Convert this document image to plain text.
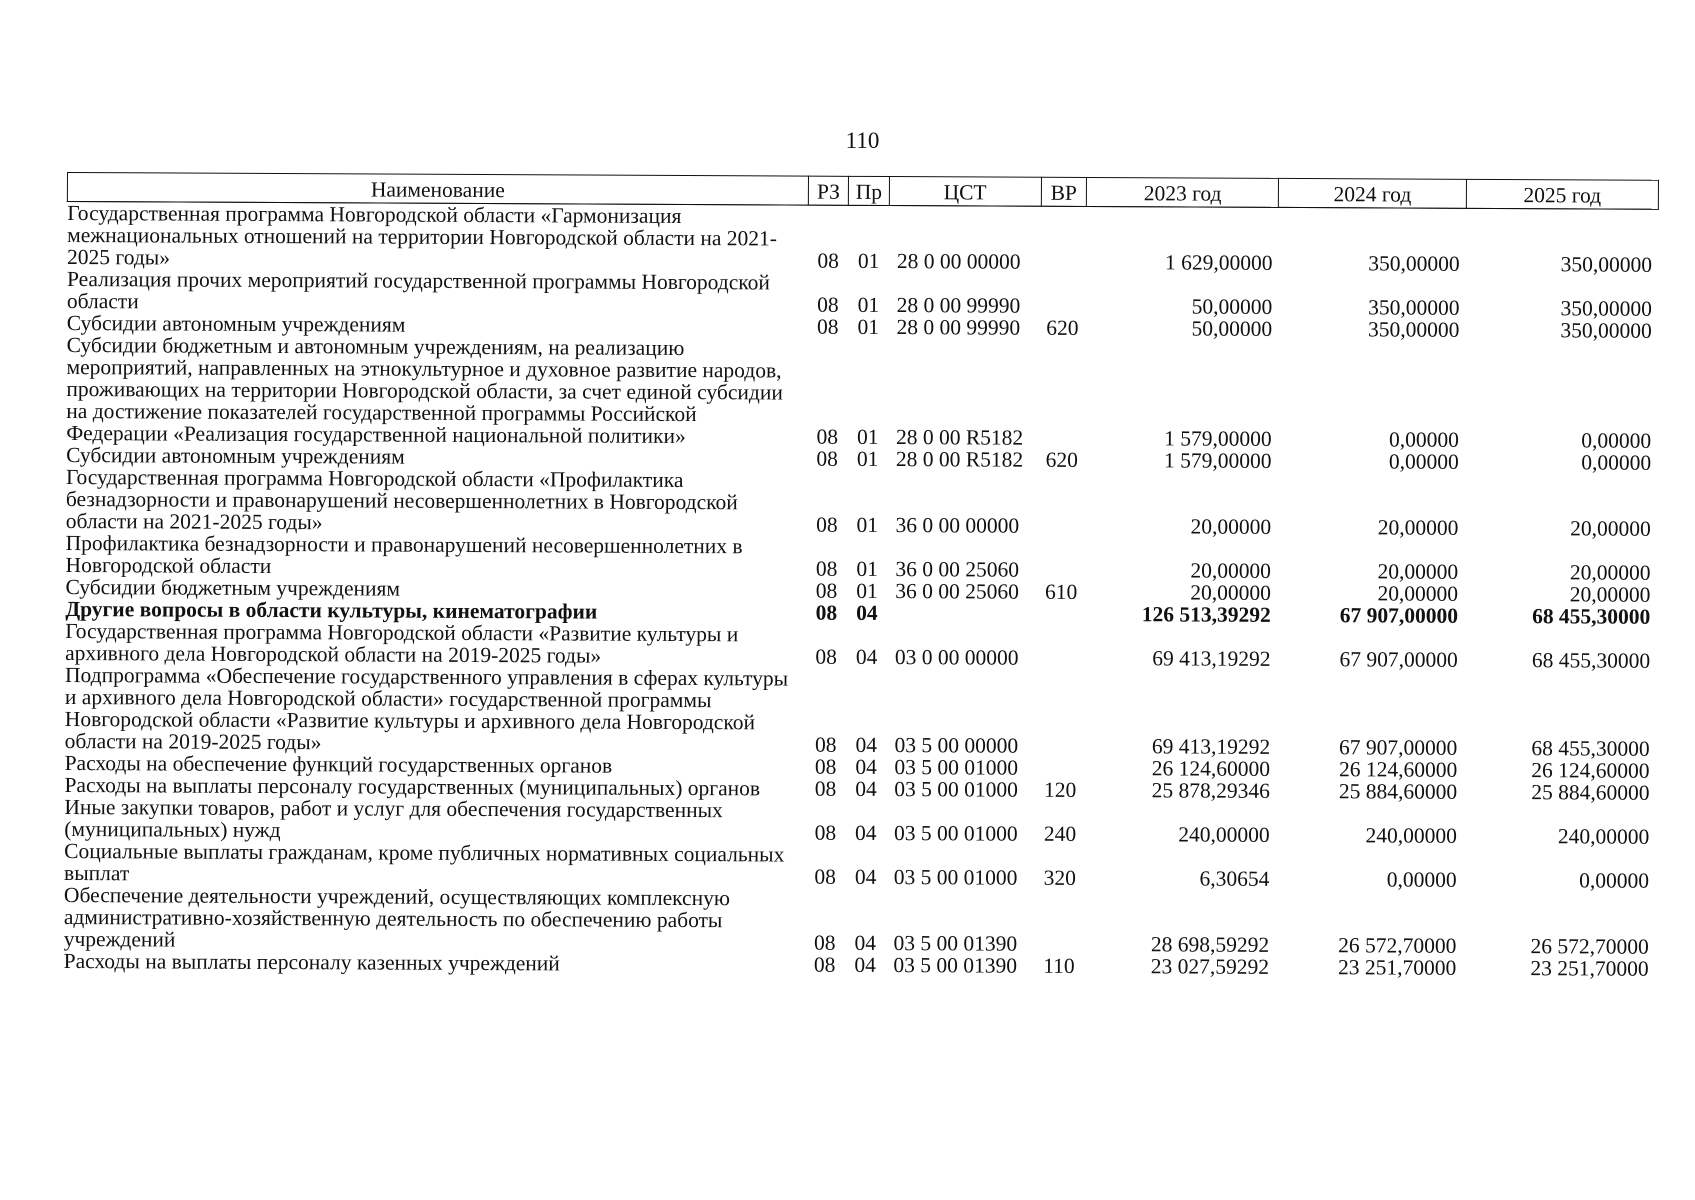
110
Наименование	РЗ	Пр	ЦСТ	ВР	2023 год	2024 год	2025 год
Государственная программа Новгородской области «Гармонизация межнациональных отношений на территории Новгородской области на 2021-2025 годы»	08	01	28 0 00 00000		1 629,00000	350,00000	350,00000
Реализация прочих мероприятий государственной программы Новгородской области	08	01	28 0 00 99990		50,00000	350,00000	350,00000
Субсидии автономным учреждениям	08	01	28 0 00 99990	620	50,00000	350,00000	350,00000
Субсидии бюджетным и автономным учреждениям, на реализацию мероприятий, направленных на этнокультурное и духовное развитие народов, проживающих на территории Новгородской области, за счет единой субсидии на достижение показателей государственной программы Российской Федерации «Реализация государственной национальной политики»	08	01	28 0 00 R5182		1 579,00000	0,00000	0,00000
Субсидии автономным учреждениям	08	01	28 0 00 R5182	620	1 579,00000	0,00000	0,00000
Государственная программа Новгородской области «Профилактика безнадзорности и правонарушений несовершеннолетних в Новгородской области на 2021-2025 годы»	08	01	36 0 00 00000		20,00000	20,00000	20,00000
Профилактика безнадзорности и правонарушений несовершеннолетних в Новгородской области	08	01	36 0 00 25060		20,00000	20,00000	20,00000
Субсидии бюджетным учреждениям	08	01	36 0 00 25060	610	20,00000	20,00000	20,00000
Другие вопросы в области культуры, кинематографии	08	04			126 513,39292	67 907,00000	68 455,30000
Государственная программа Новгородской области «Развитие культуры и архивного дела Новгородской области на 2019-2025 годы»	08	04	03 0 00 00000		69 413,19292	67 907,00000	68 455,30000
Подпрограмма «Обеспечение государственного управления в сферах культуры и архивного дела Новгородской области» государственной программы Новгородской области «Развитие культуры и архивного дела Новгородской области на 2019-2025 годы»	08	04	03 5 00 00000		69 413,19292	67 907,00000	68 455,30000
Расходы на обеспечение функций государственных органов	08	04	03 5 00 01000		26 124,60000	26 124,60000	26 124,60000
Расходы на выплаты персоналу государственных (муниципальных) органов	08	04	03 5 00 01000	120	25 878,29346	25 884,60000	25 884,60000
Иные закупки товаров, работ и услуг для обеспечения государственных (муниципальных) нужд	08	04	03 5 00 01000	240	240,00000	240,00000	240,00000
Социальные выплаты гражданам, кроме публичных нормативных социальных выплат	08	04	03 5 00 01000	320	6,30654	0,00000	0,00000
Обеспечение деятельности учреждений, осуществляющих комплексную административно-хозяйственную деятельность по обеспечению работы учреждений	08	04	03 5 00 01390		28 698,59292	26 572,70000	26 572,70000
Расходы на выплаты персоналу казенных учреждений	08	04	03 5 00 01390	110	23 027,59292	23 251,70000	23 251,70000
